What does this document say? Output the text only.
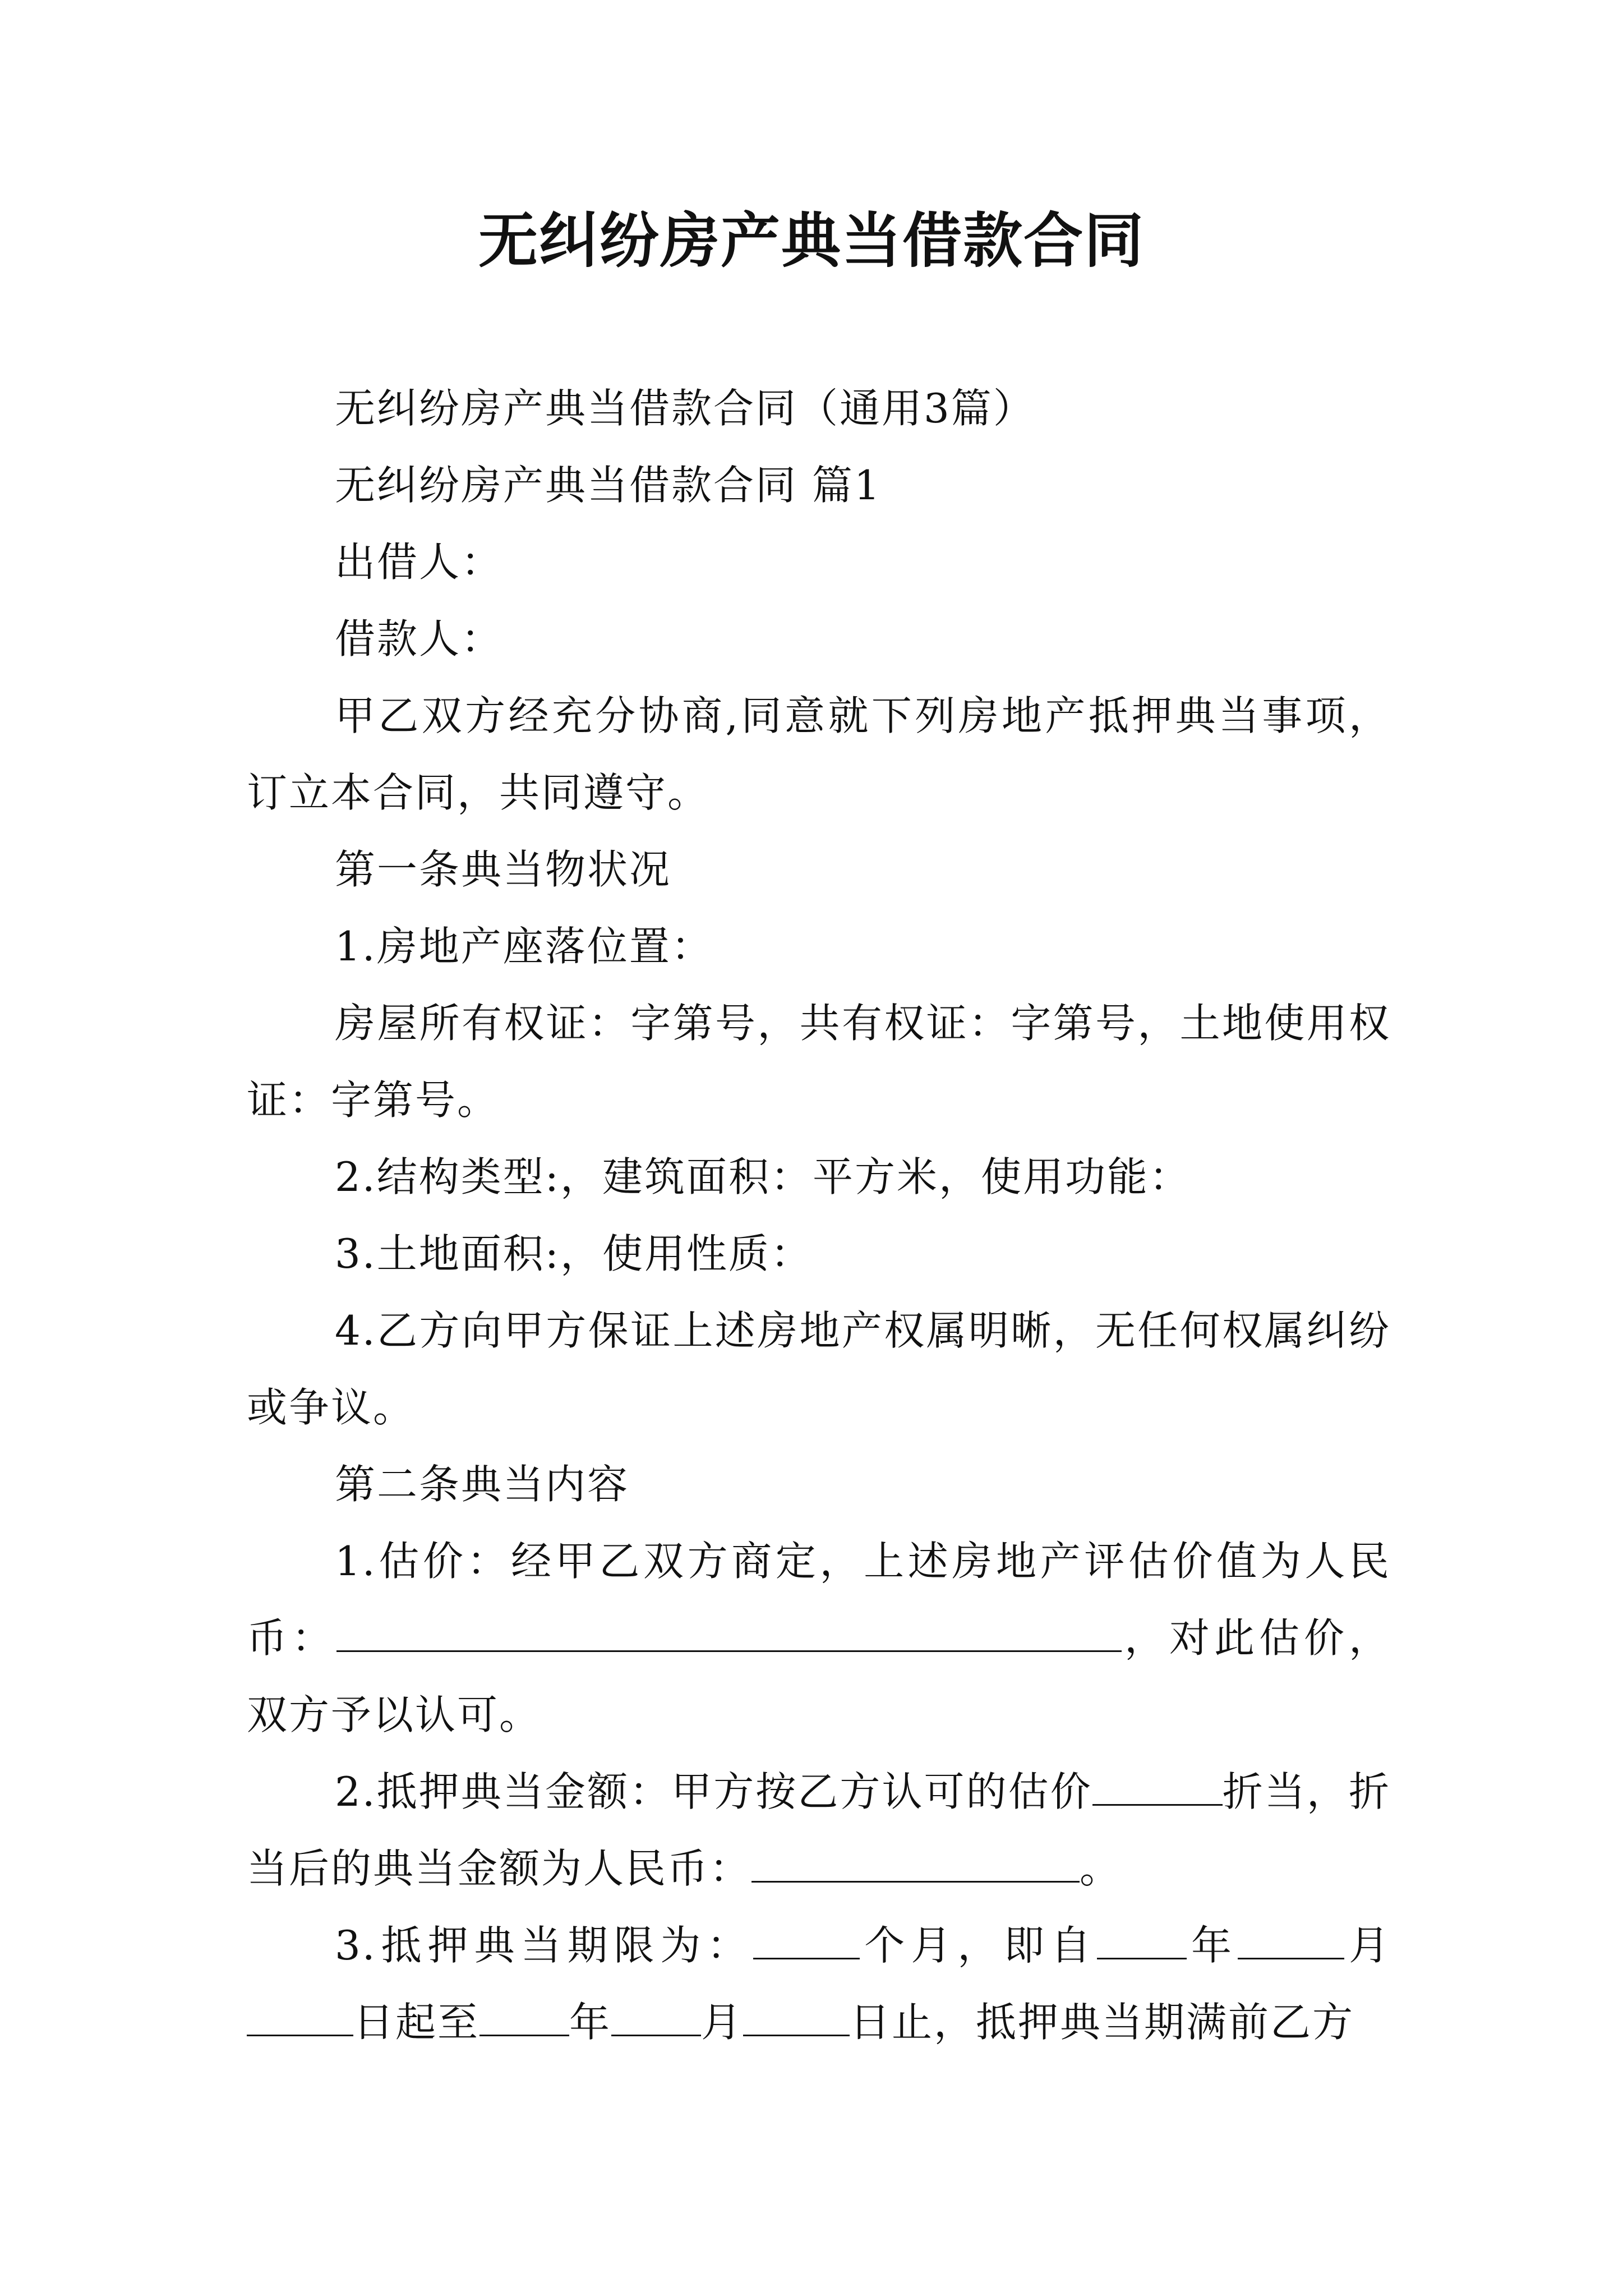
无纠纷房产典当借款合同

无纠纷房产典当借款合同（通用3篇）

无纠纷房产典当借款合同 篇1

出借人：

借款人：

甲乙双方经充分协商,同意就下列房地产抵押典当事项，订立本合同，共同遵守。

第一条典当物状况

1.房地产座落位置：

房屋所有权证：字第号，共有权证：字第号，土地使用权证：字第号。

2.结构类型:，建筑面积：平方米，使用功能：

3.土地面积:，使用性质：

4.乙方向甲方保证上述房地产权属明晰，无任何权属纠纷或争议。

第二条典当内容

1.估价：经甲乙双方商定，上述房地产评估价值为人民币：	，对此估价，双方予以认可。

2.抵押典当金额：甲方按乙方认可的估价	折当，折当后的典当金额为人民币：	。

3.抵押典当期限为：	个月，即自 年	月日起至 年 月	日止，抵押典当期满前乙方
